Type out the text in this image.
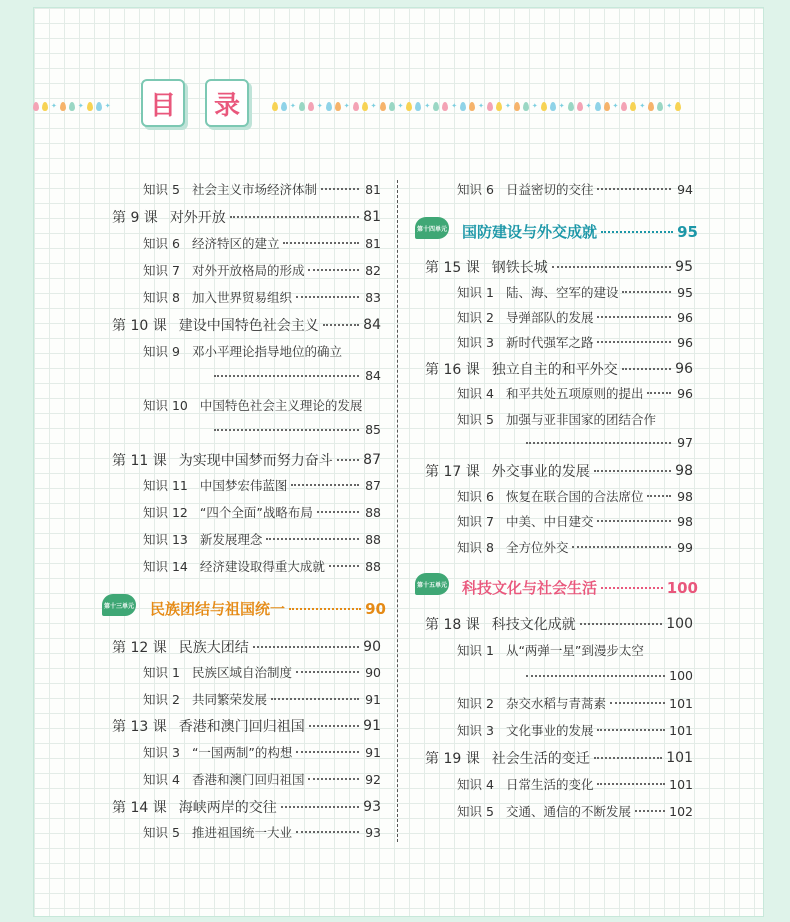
✦	✦	✦	✦	✦	✦	✦	✦	✦	✦	✦	✦	✦	✦	✦	✦	✦	✦
目	录
知识 5 社会主义市场经济体制	81
第 9 课 对外开放	81
知识 6 经济特区的建立	81
知识 7 对外开放格局的形成	82
知识 8 加入世界贸易组织	83
第 10 课 建设中国特色社会主义	84
知识 9 邓小平理论指导地位的确立
84
知识 10 中国特色社会主义理论的发展
85
第 11 课 为实现中国梦而努力奋斗 87
知识 11 中国梦宏伟蓝图	87
知识 12 “四个全面”战略布局	88
知识 13 新发展理念	88
知识 14 经济建设取得重大成就	88
第十三单元 民族团结与祖国统一	90
第 12 课 民族大团结	90
知识 1 民族区域自治制度	90
知识 2 共同繁荣发展	91
第 13 课 香港和澳门回归祖国	91
知识 3 “一国两制”的构想	91
知识 4 香港和澳门回归祖国	92
第 14 课 海峡两岸的交往	93
知识 5 推进祖国统一大业	93
知识 6 日益密切的交往	94
第十四单元 国防建设与外交成就	95
第 15 课 钢铁长城	95
知识 1 陆、海、空军的建设	95
知识 2 导弹部队的发展	96
知识 3 新时代强军之路	96
第 16 课 独立自主的和平外交	96
知识 4 和平共处五项原则的提出	96
知识 5 加强与亚非国家的团结合作
97
第 17 课 外交事业的发展	98
知识 6 恢复在联合国的合法席位	98
知识 7 中美、中日建交	98
知识 8 全方位外交	99
第十五单元 科技文化与社会生活	100
第 18 课 科技文化成就	100
知识 1 从“两弹一星”到漫步太空
100
知识 2 杂交水稻与青蒿素	101
知识 3 文化事业的发展	101
第 19 课 社会生活的变迁	101
知识 4 日常生活的变化	101
知识 5 交通、通信的不断发展	102
